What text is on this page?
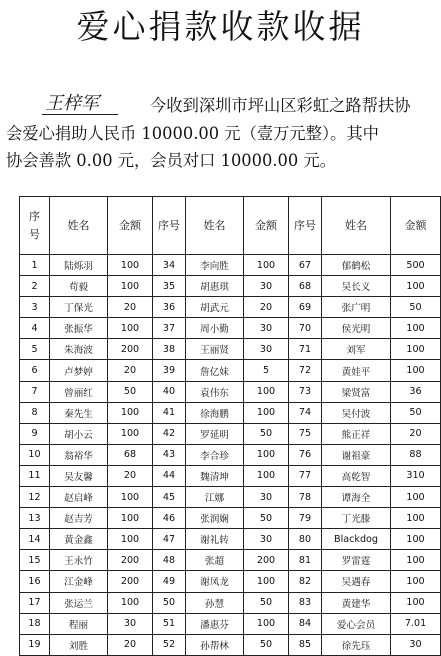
爱心捐款收款收据
王梓军	今收到深圳市坪山区彩虹之路帮扶协
会爱心捐助人民币 10000.00 元（壹万元整）。其中
协会善款 0.00 元，会员对口 10000.00 元。
序
号	姓名	金额	序号	姓名	金额	序号	姓名	金额
1	陆烁羽	100	34	李向胜	100	67	郁鹤松	500
2	苟毅	100	35	胡惠琪	30	68	吴长义	100
3	丁保光	20	36	胡武元	20	69	张广明	50
4	张振华	100	37	周小勤	30	70	侯光明	100
5	朱海波	200	38	王丽贤	30	71	刘军	100
6	卢梦婷	20	39	詹亿妹	5	72	黄娃平	100
7	曾丽红	50	40	袁伟东	100	73	梁贤富	36
8	秦先生	100	41	徐海鹏	100	74	吴付波	50
9	胡小云	100	42	罗延明	50	75	熊正祥	20
10	翁裕华	68	43	李合珍	100	76	谢祖豪	88
11	吴友馨	20	44	魏清坤	100	77	高乾智	310
12	赵启峰	100	45	江娜	30	78	谭海全	100
13	赵吉芳	100	46	张润娴	50	79	丁光滕	100
14	黄金鑫	100	47	谢礼转	30	80	Blackdog	100
15	王永竹	200	48	张超	200	81	罗雷霆	100
16	江金峰	200	49	谢凤龙	100	82	吴遇春	100
17	张运兰	100	50	孙慧	50	83	黄建华	100
18	程丽	30	51	潘惠芬	100	84	爱心会员	7.01
19	刘胜	20	52	孙帮林	50	85	徐先珏	30
